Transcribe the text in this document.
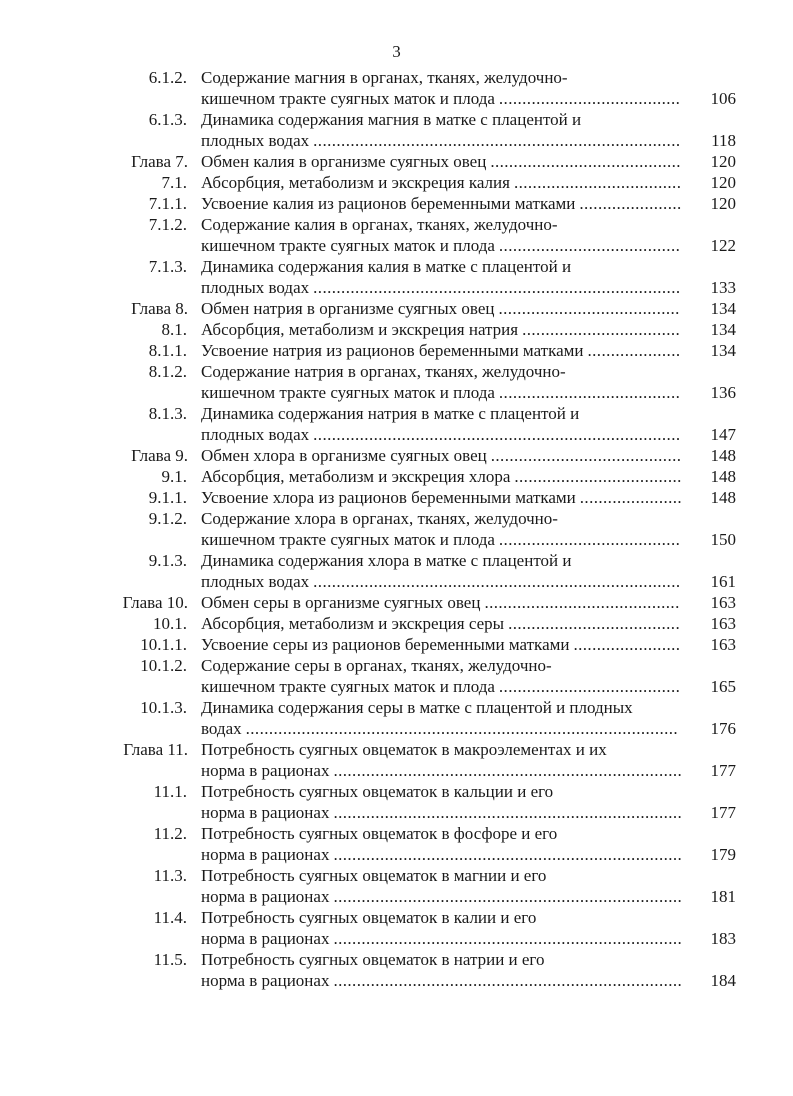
3
6.1.2. Содержание магния в органах, тканях, желудочно-
кишечном тракте суягных маток и плода ....................................... 106
6.1.3. Динамика содержания магния в матке с плацентой и
плодных водах ............................................................................... 118
Глава 7. Обмен калия в организме суягных овец ......................................... 120
7.1. Абсорбция, метаболизм и экскреция калия .................................... 120
7.1.1. Усвоение калия из рационов беременными матками ...................... 120
7.1.2. Содержание калия в органах, тканях, желудочно-
кишечном тракте суягных маток и плода ....................................... 122
7.1.3. Динамика содержания калия в матке с плацентой и
плодных водах ............................................................................... 133
Глава 8. Обмен натрия в организме суягных овец ....................................... 134
8.1. Абсорбция, метаболизм и экскреция натрия .................................. 134
8.1.1. Усвоение натрия из рационов беременными матками .................... 134
8.1.2. Содержание натрия в органах, тканях, желудочно-
кишечном тракте суягных маток и плода ....................................... 136
8.1.3. Динамика содержания натрия в матке с плацентой и
плодных водах ............................................................................... 147
Глава 9. Обмен хлора в организме суягных овец ......................................... 148
9.1. Абсорбция, метаболизм и экскреция хлора .................................... 148
9.1.1. Усвоение хлора из рационов беременными матками ...................... 148
9.1.2. Содержание хлора в органах, тканях, желудочно-
кишечном тракте суягных маток и плода ....................................... 150
9.1.3. Динамика содержания хлора в матке с плацентой и
плодных водах ............................................................................... 161
Глава 10. Обмен серы в организме суягных овец .......................................... 163
10.1. Абсорбция, метаболизм и экскреция серы ..................................... 163
10.1.1. Усвоение серы из рационов беременными матками ....................... 163
10.1.2. Содержание серы в органах, тканях, желудочно-
кишечном тракте суягных маток и плода ....................................... 165
10.1.3. Динамика содержания серы в матке с плацентой и плодных
водах ............................................................................................. 176
Глава 11. Потребность суягных овцематок в макроэлементах и их
норма в рационах ........................................................................... 177
11.1. Потребность суягных овцематок в кальции и его
норма в рационах ........................................................................... 177
11.2. Потребность суягных овцематок в фосфоре и его
норма в рационах ........................................................................... 179
11.3. Потребность суягных овцематок в магнии и его
норма в рационах ........................................................................... 181
11.4. Потребность суягных овцематок в калии и его
норма в рационах ........................................................................... 183
11.5. Потребность суягных овцематок в натрии и его
норма в рационах ........................................................................... 184
